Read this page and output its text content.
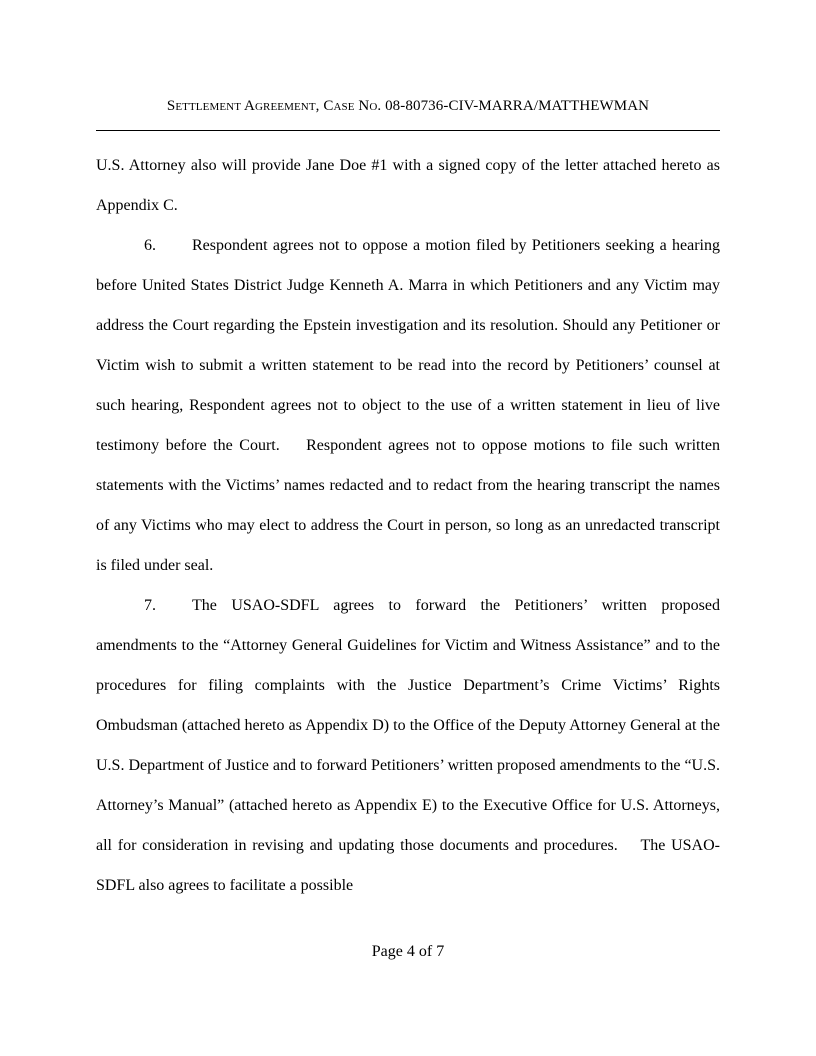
Settlement Agreement, Case No. 08-80736-CIV-MARRA/MATTHEWMAN

U.S. Attorney also will provide Jane Doe #1 with a signed copy of the letter attached hereto as Appendix C.

6. Respondent agrees not to oppose a motion filed by Petitioners seeking a hearing before United States District Judge Kenneth A. Marra in which Petitioners and any Victim may address the Court regarding the Epstein investigation and its resolution. Should any Petitioner or Victim wish to submit a written statement to be read into the record by Petitioners’ counsel at such hearing, Respondent agrees not to object to the use of a written statement in lieu of live testimony before the Court.    Respondent agrees not to oppose motions to file such written statements with the Victims’ names redacted and to redact from the hearing transcript the names of any Victims who may elect to address the Court in person, so long as an unredacted transcript is filed under seal.

7. The USAO-SDFL agrees to forward the Petitioners’ written proposed amendments to the “Attorney General Guidelines for Victim and Witness Assistance” and to the procedures for filing complaints with the Justice Department’s Crime Victims’ Rights Ombudsman (attached hereto as Appendix D) to the Office of the Deputy Attorney General at the U.S. Department of Justice and to forward Petitioners’ written proposed amendments to the “U.S. Attorney’s Manual” (attached hereto as Appendix E) to the Executive Office for U.S. Attorneys, all for consideration in revising and updating those documents and procedures.    The USAO-SDFL also agrees to facilitate a possible

Page 4 of 7
